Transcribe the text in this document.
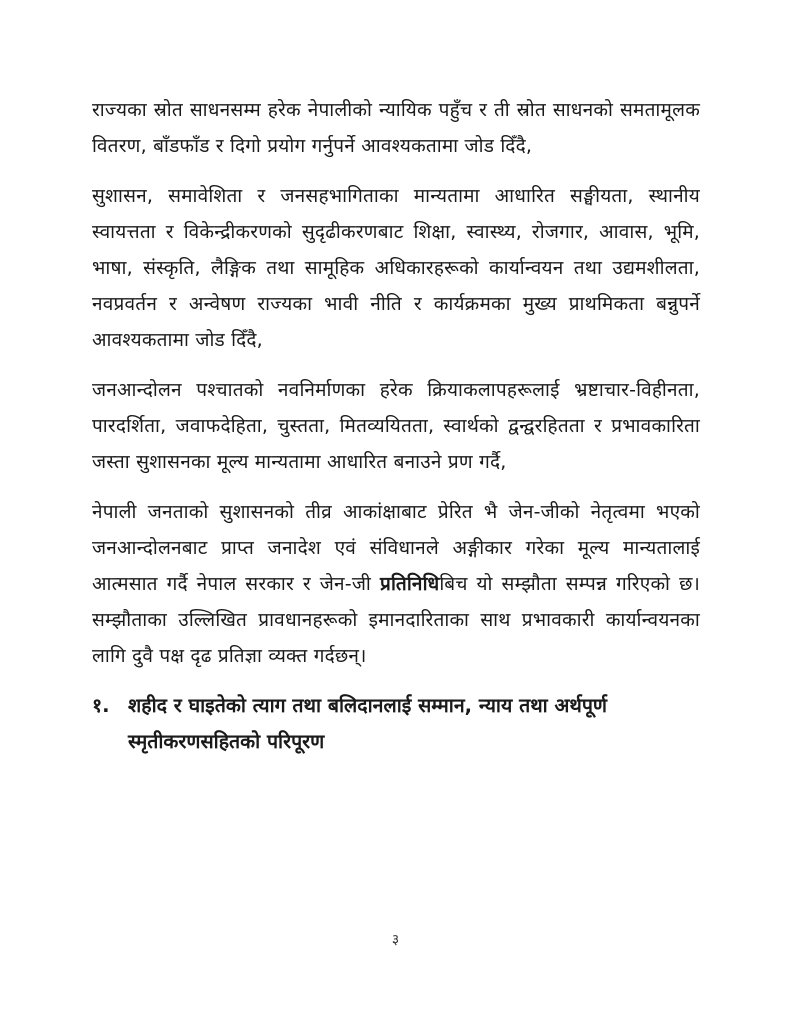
राज्यका स्रोत साधनसम्म हरेक नेपालीको न्यायिक पहुँच र ती स्रोत साधनको समतामूलक वितरण, बाँडफाँड र दिगो प्रयोग गर्नुपर्ने आवश्यकतामा जोड दिँदै,

सुशासन, समावेशिता र जनसहभागिताका मान्यतामा आधारित सङ्घीयता, स्थानीय स्वायत्तता र विकेन्द्रीकरणको सुदृढीकरणबाट शिक्षा, स्वास्थ्य, रोजगार, आवास, भूमि, भाषा, संस्कृति, लैङ्गिक तथा सामूहिक अधिकारहरूको कार्यान्वयन तथा उद्यमशीलता, नवप्रवर्तन र अन्वेषण राज्यका भावी नीति र कार्यक्रमका मुख्य प्राथमिकता बन्नुपर्ने आवश्यकतामा जोड दिँदै,

जनआन्दोलन पश्चातको नवनिर्माणका हरेक क्रियाकलापहरूलाई भ्रष्टाचार-विहीनता, पारदर्शिता, जवाफदेहिता, चुस्तता, मितव्ययितता, स्वार्थको द्वन्द्वरहितता र प्रभावकारिता जस्ता सुशासनका मूल्य मान्यतामा आधारित बनाउने प्रण गर्दै,

नेपाली जनताको सुशासनको तीव्र आकांक्षाबाट प्रेरित भै जेन-जीको नेतृत्वमा भएको जनआन्दोलनबाट प्राप्त जनादेश एवं संविधानले अङ्गीकार गरेका मूल्य मान्यतालाई आत्मसात गर्दै नेपाल सरकार र जेन-जी प्रतिनिधिबिच यो सम्झौता सम्पन्न गरिएको छ। सम्झौताका उल्लिखित प्रावधानहरूको इमानदारिताका साथ प्रभावकारी कार्यान्वयनका लागि दुवै पक्ष दृढ प्रतिज्ञा व्यक्त गर्दछन्।

१. शहीद र घाइतेको त्याग तथा बलिदानलाई सम्मान, न्याय तथा अर्थपूर्ण स्मृतीकरणसहितको परिपूरण
३
